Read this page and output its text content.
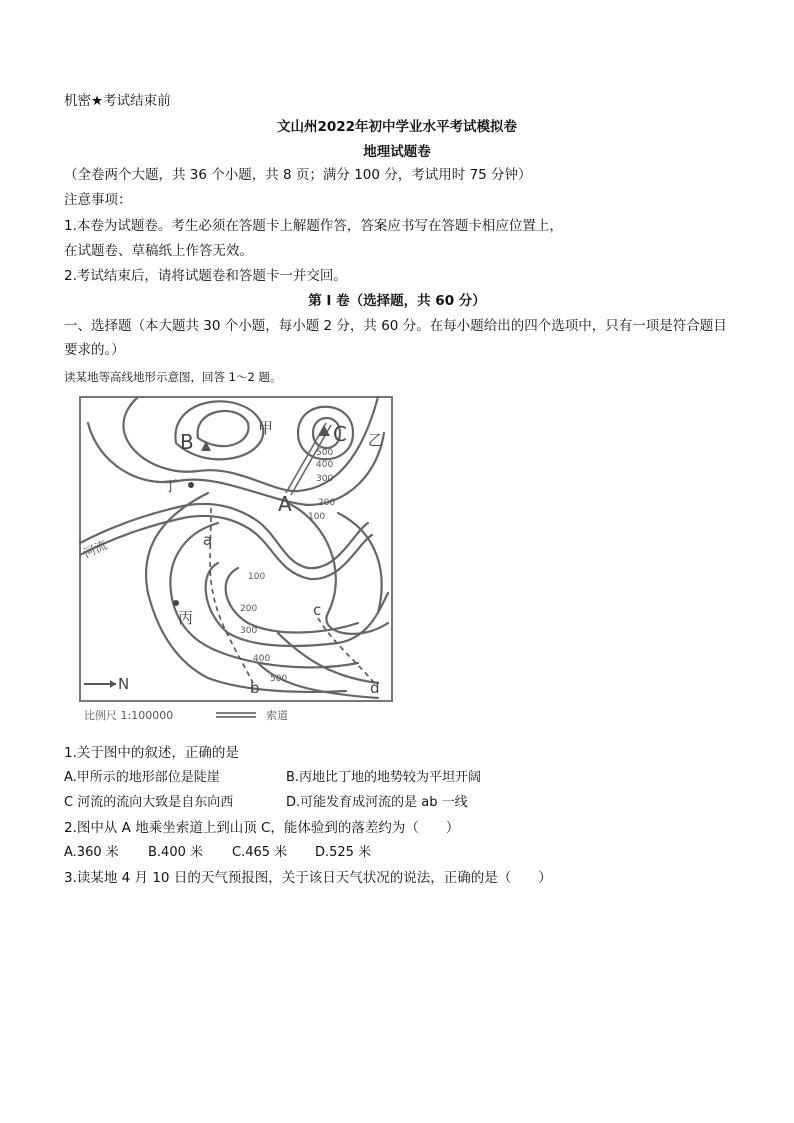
机密★考试结束前
文山州2022年初中学业水平考试模拟卷
地理试题卷
（全卷两个大题，共 36 个小题，共 8 页；满分 100 分，考试用时 75 分钟）
注意事项：
1.本卷为试题卷。考生必须在答题卡上解题作答，答案应书写在答题卡相应位置上，
在试题卷、草稿纸上作答无效。
2.考试结束后，请将试题卷和答题卡一并交回。
第 I 卷（选择题，共 60 分）
一、选择题（本大题共 30 个小题，每小题 2 分，共 60 分。在每小题给出的四个选项中，只有一项是符合题目
要求的。）
读某地等高线地形示意图，回答 1～2 题。
B	C
A
甲
乙
丁
丙
a
c
b	d
N
河流
500
400
300
200
100
100
200
300
400
500
比例尺 1:100000	索道
1.关于图中的叙述，正确的是
A.甲所示的地形部位是陡崖	B.丙地比丁地的地势较为平坦开阔
C 河流的流向大致是自东向西	D.可能发育成河流的是 ab 一线
2.图中从 A 地乘坐索道上到山顶 C，能体验到的落差约为（　　）
A.360 米 B.400 米 C.465 米 D.525 米
3.读某地 4 月 10 日的天气预报图，关于该日天气状况的说法，正确的是（　　）
